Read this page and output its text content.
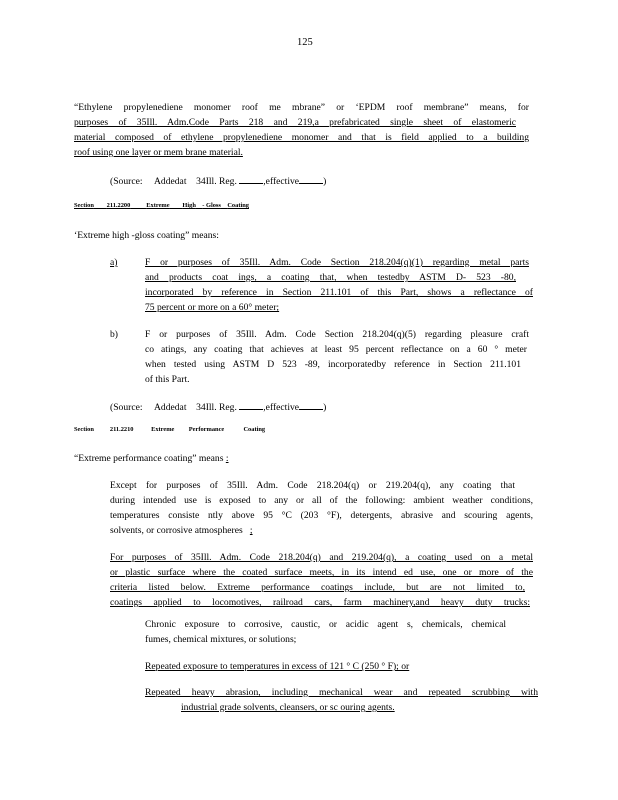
125
“Ethylene propylenediene monomer roof me mbrane” or ‘EPDM roof membrane” means, for
purposes of 35Ill. Adm.Code Parts 218 and 219,a prefabricated single sheet of elastomeric
material composed of ethylene propylenediene monomer and that is field applied to a building
roof using one layer or mem brane material.
(Source: Addedat 34Ill. Reg.	,effective	)
Section 211.2200 Extreme High - Gloss Coating
‘Extreme high -gloss coating” means:
a)	F or purposes of 35Ill. Adm. Code Section 218.204(q)(1) regarding metal parts
and products coat ings, a coating that, when testedby ASTM D- 523 -80,
incorporated by reference in Section 211.101 of this Part, shows a reflectance of
75 percent or more on a 60° meter;
b)	F or purposes of 35Ill. Adm. Code Section 218.204(q)(5) regarding pleasure craft
co atings, any coating that achieves at least 95 percent reflectance on a 60 ° meter
when tested using ASTM D 523 -89, incorporatedby reference in Section 211.101
of this Part.
(Source: Addedat 34Ill. Reg.	,effective	)
Section 211.2210	Extreme Performance	Coating
“Extreme performance coating” means :
Except for purposes of 35Ill. Adm. Code 218.204(q) or 219.204(q), any coating that
during intended use is exposed to any or all of the following: ambient weather conditions,
temperatures consiste ntly above 95 °C (203 °F), detergents, abrasive and scouring agents,
solvents, or corrosive atmospheres ;
For purposes of 35Ill. Adm. Code 218.204(q) and 219.204(q), a coating used on a metal
or plastic surface where the coated surface meets, in its intend ed use, one or more of the
criteria listed below. Extreme performance coatings include, but are not limited to,
coatings applied to locomotives, railroad cars, farm machinery,and heavy duty trucks:
Chronic exposure to corrosive, caustic, or acidic agent s, chemicals, chemical
fumes, chemical mixtures, or solutions;
Repeated exposure to temperatures in excess of 121 ° C (250 ° F); or
Repeated heavy abrasion, including mechanical wear and repeated scrubbing with
industrial grade solvents, cleansers, or sc ouring agents.
